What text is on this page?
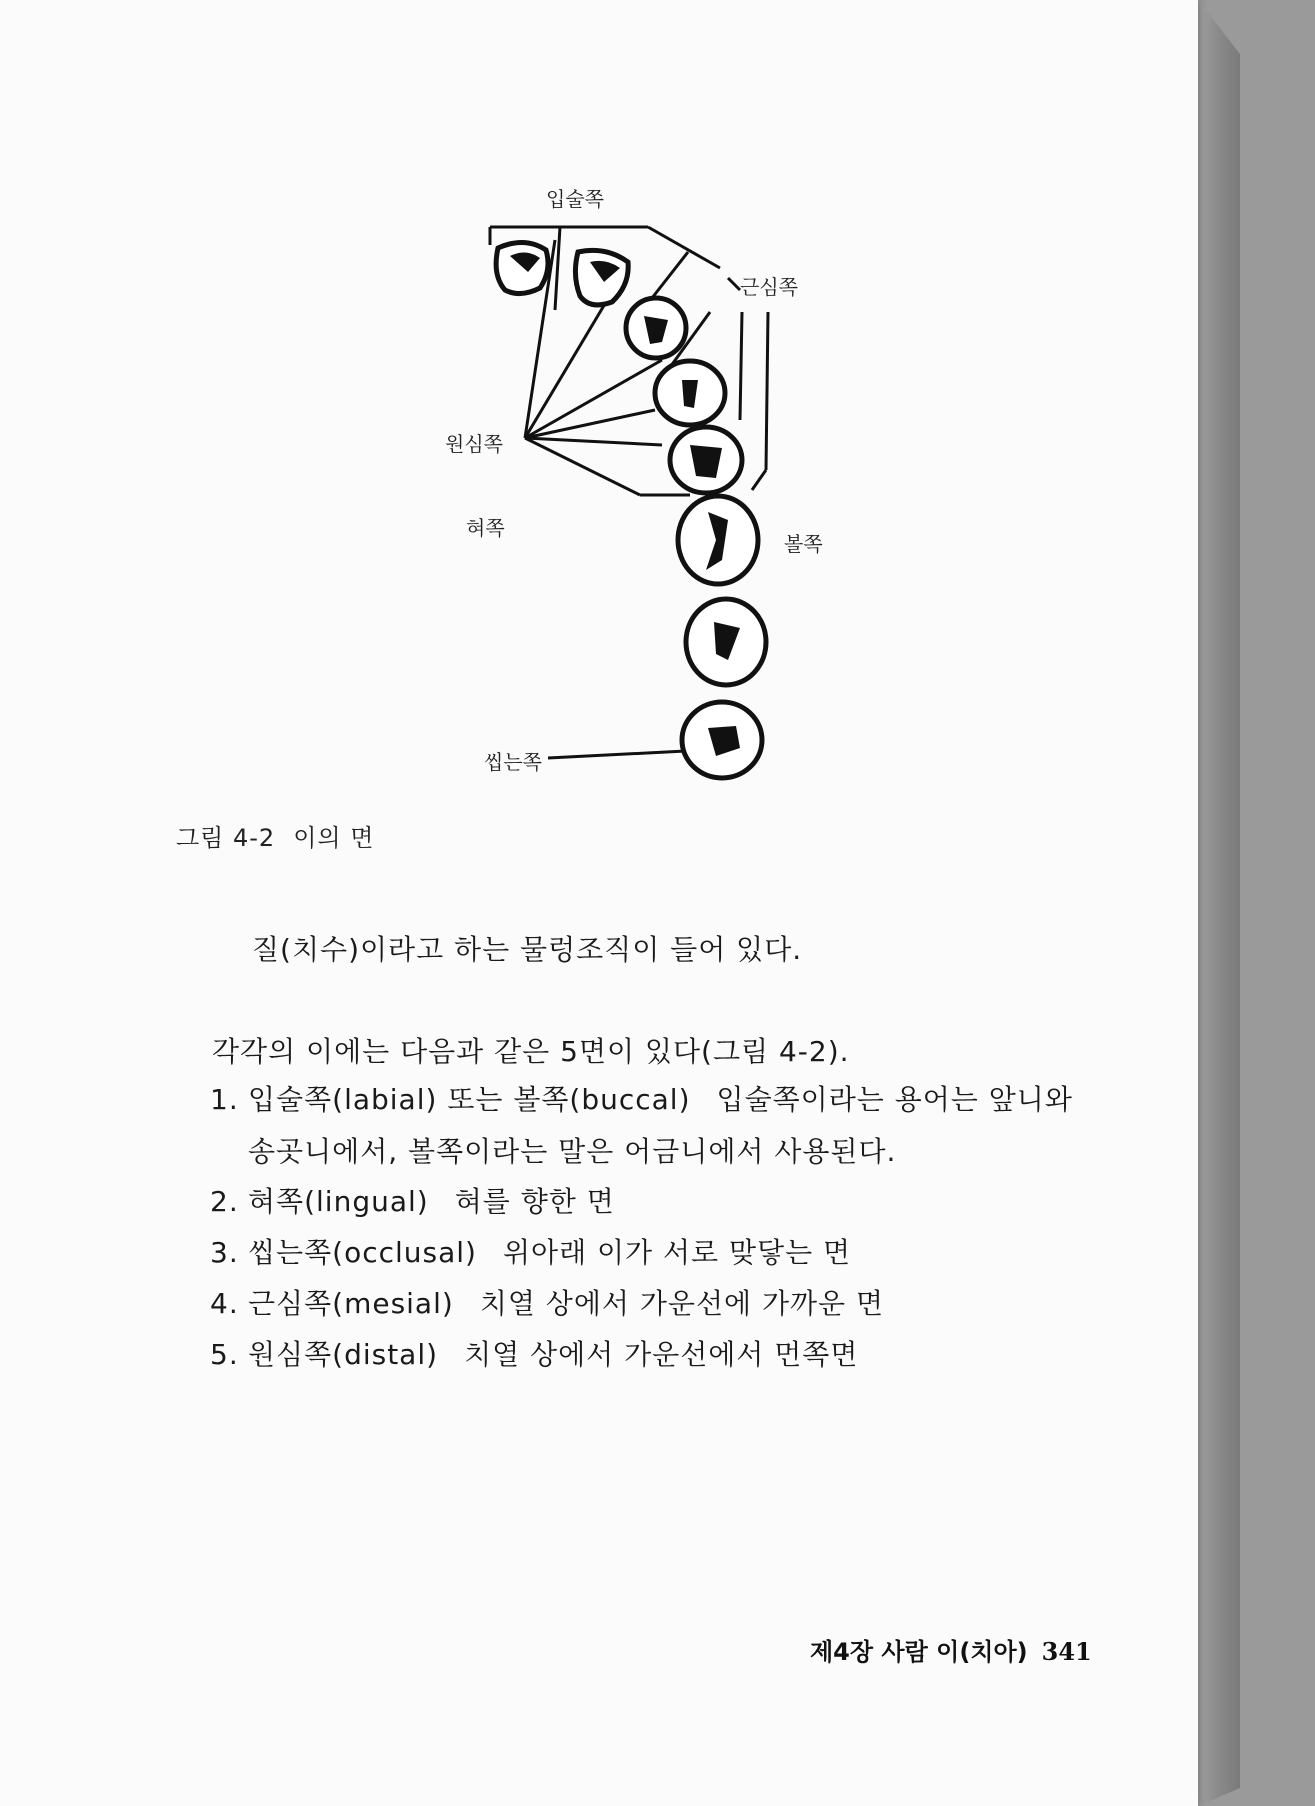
입술쪽
근심쪽
원심쪽
혀쪽
볼쪽
씹는쪽
그림 4-2 이의 면
질(치수)이라고 하는 물렁조직이 들어 있다.
각각의 이에는 다음과 같은 5면이 있다(그림 4-2).
1. 입술쪽(labial) 또는 볼쪽(buccal) 입술쪽이라는 용어는 앞니와
송곳니에서, 볼쪽이라는 말은 어금니에서 사용된다.
2. 혀쪽(lingual) 혀를 향한 면
3. 씹는쪽(occlusal) 위아래 이가 서로 맞닿는 면
4. 근심쪽(mesial) 치열 상에서 가운선에 가까운 면
5. 원심쪽(distal) 치열 상에서 가운선에서 먼쪽면
제4장 사람 이(치아) 341
